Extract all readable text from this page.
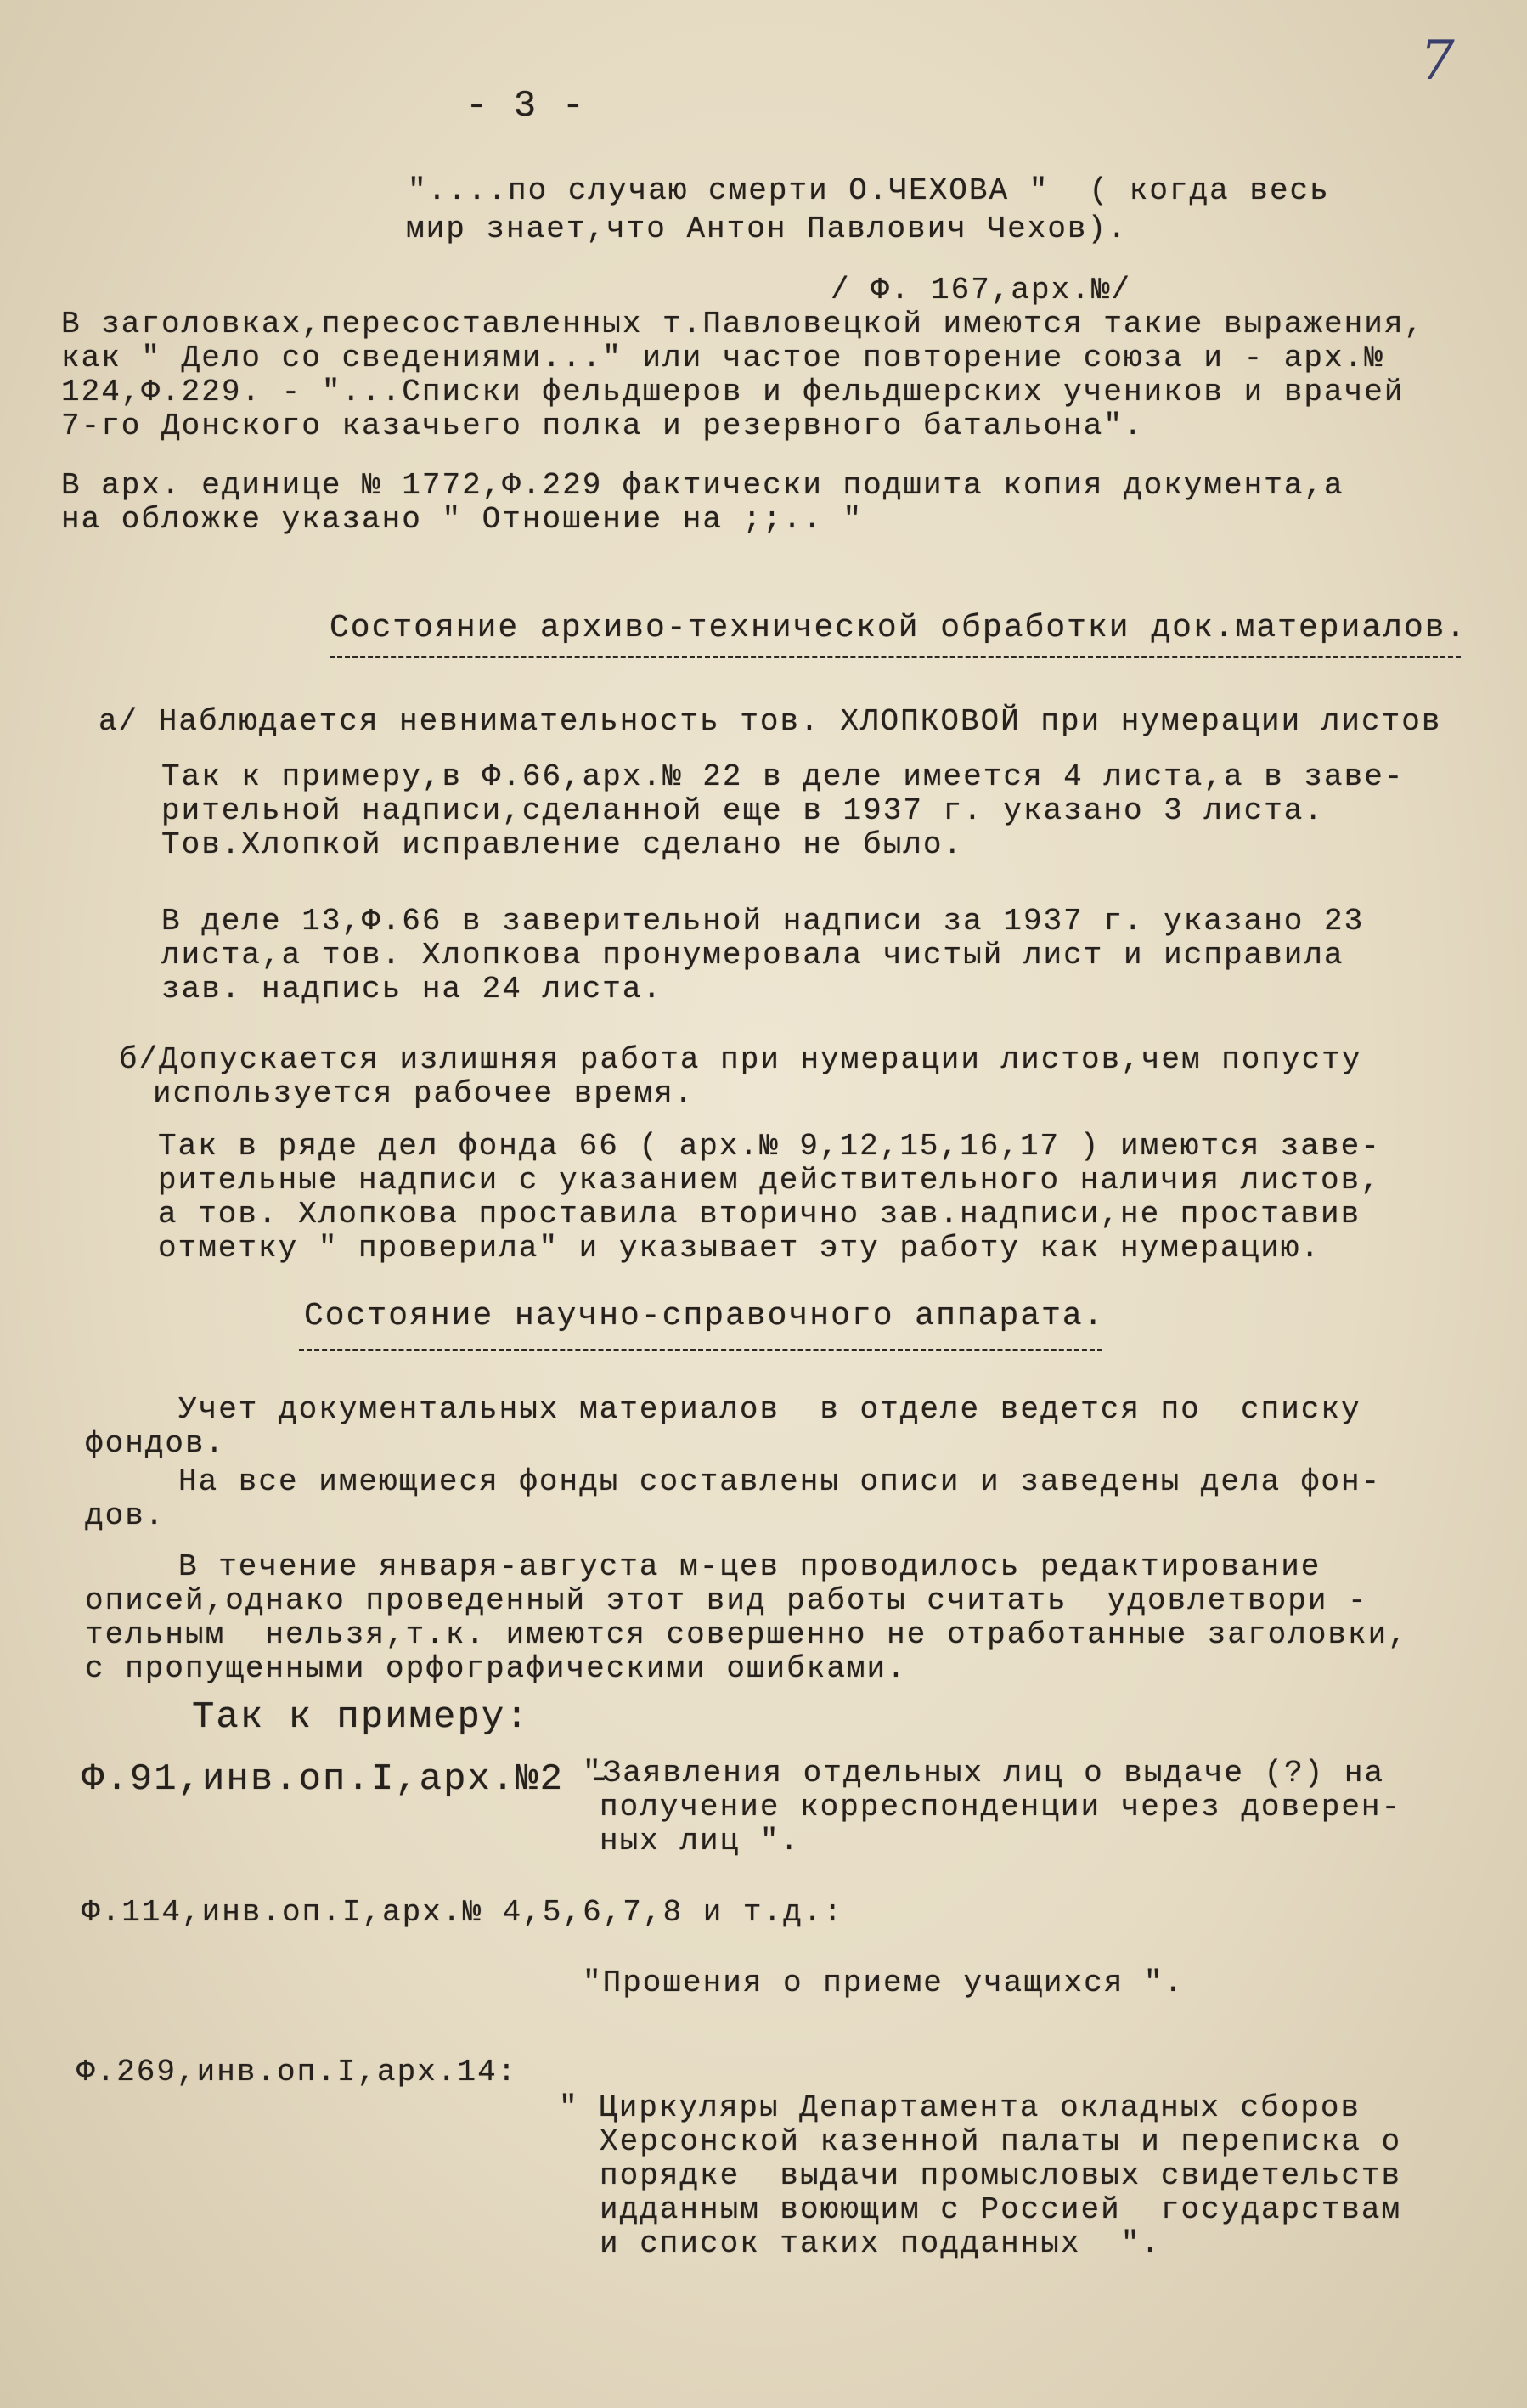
7
- 3 -
"....по случаю смерти О.ЧЕХОВА "  ( когда весь
мир знает,что Антон Павлович Чехов).
/ Ф. 167,арх.№/
В заголовках,пересоставленных т.Павловецкой имеются такие выражения,
как " Дело со сведениями..." или частое повторение союза и - арх.№
124,Ф.229. - "...Списки фельдшеров и фельдшерских учеников и врачей
7-го Донского казачьего полка и резервного батальона".
В арх. единице № 1772,Ф.229 фактически подшита копия документа,а
на обложке указано " Отношение на ;;.. "
Состояние архиво-технической обработки док.материалов.
а/ Наблюдается невнимательность тов. ХЛОПКОВОЙ при нумерации листов
Так к примеру,в Ф.66,арх.№ 22 в деле имеется 4 листа,а в заве-
рительной надписи,сделанной еще в 1937 г. указано 3 листа.
Тов.Хлопкой исправление сделано не было.
В деле 13,Ф.66 в заверительной надписи за 1937 г. указано 23
листа,а тов. Хлопкова пронумеровала чистый лист и исправила
зав. надпись на 24 листа.
б/Допускается излишняя работа при нумерации листов,чем попусту
используется рабочее время.
Так в ряде дел фонда 66 ( арх.№ 9,12,15,16,17 ) имеются заве-
рительные надписи с указанием действительного наличия листов,
а тов. Хлопкова проставила вторично зав.надписи,не проставив
отметку " проверила" и указывает эту работу как нумерацию.
Состояние научно-справочного аппарата.
Учет документальных материалов  в отделе ведется по  списку
фондов.
На все имеющиеся фонды составлены описи и заведены дела фон-
дов.
В течение января-августа м-цев проводилось редактирование
описей,однако проведенный этот вид работы считать  удовлетвори -
тельным  нельзя,т.к. имеются совершенно не отработанные заголовки,
с пропущенными орфографическими ошибками.
Так к примеру:
Ф.91,инв.оп.I,арх.№2 -
"Заявления отдельных лиц о выдаче (?) на
получение корреспонденции через доверен-
ных лиц ".
Ф.114,инв.оп.I,арх.№ 4,5,6,7,8 и т.д.:
"Прошения о приеме учащихся ".
Ф.269,инв.оп.I,арх.14:
" Циркуляры Департамента окладных сборов
Херсонской казенной палаты и переписка о
порядке  выдачи промысловых свидетельств
идданным воюющим с Россией  государствам
и список таких подданных  ".
